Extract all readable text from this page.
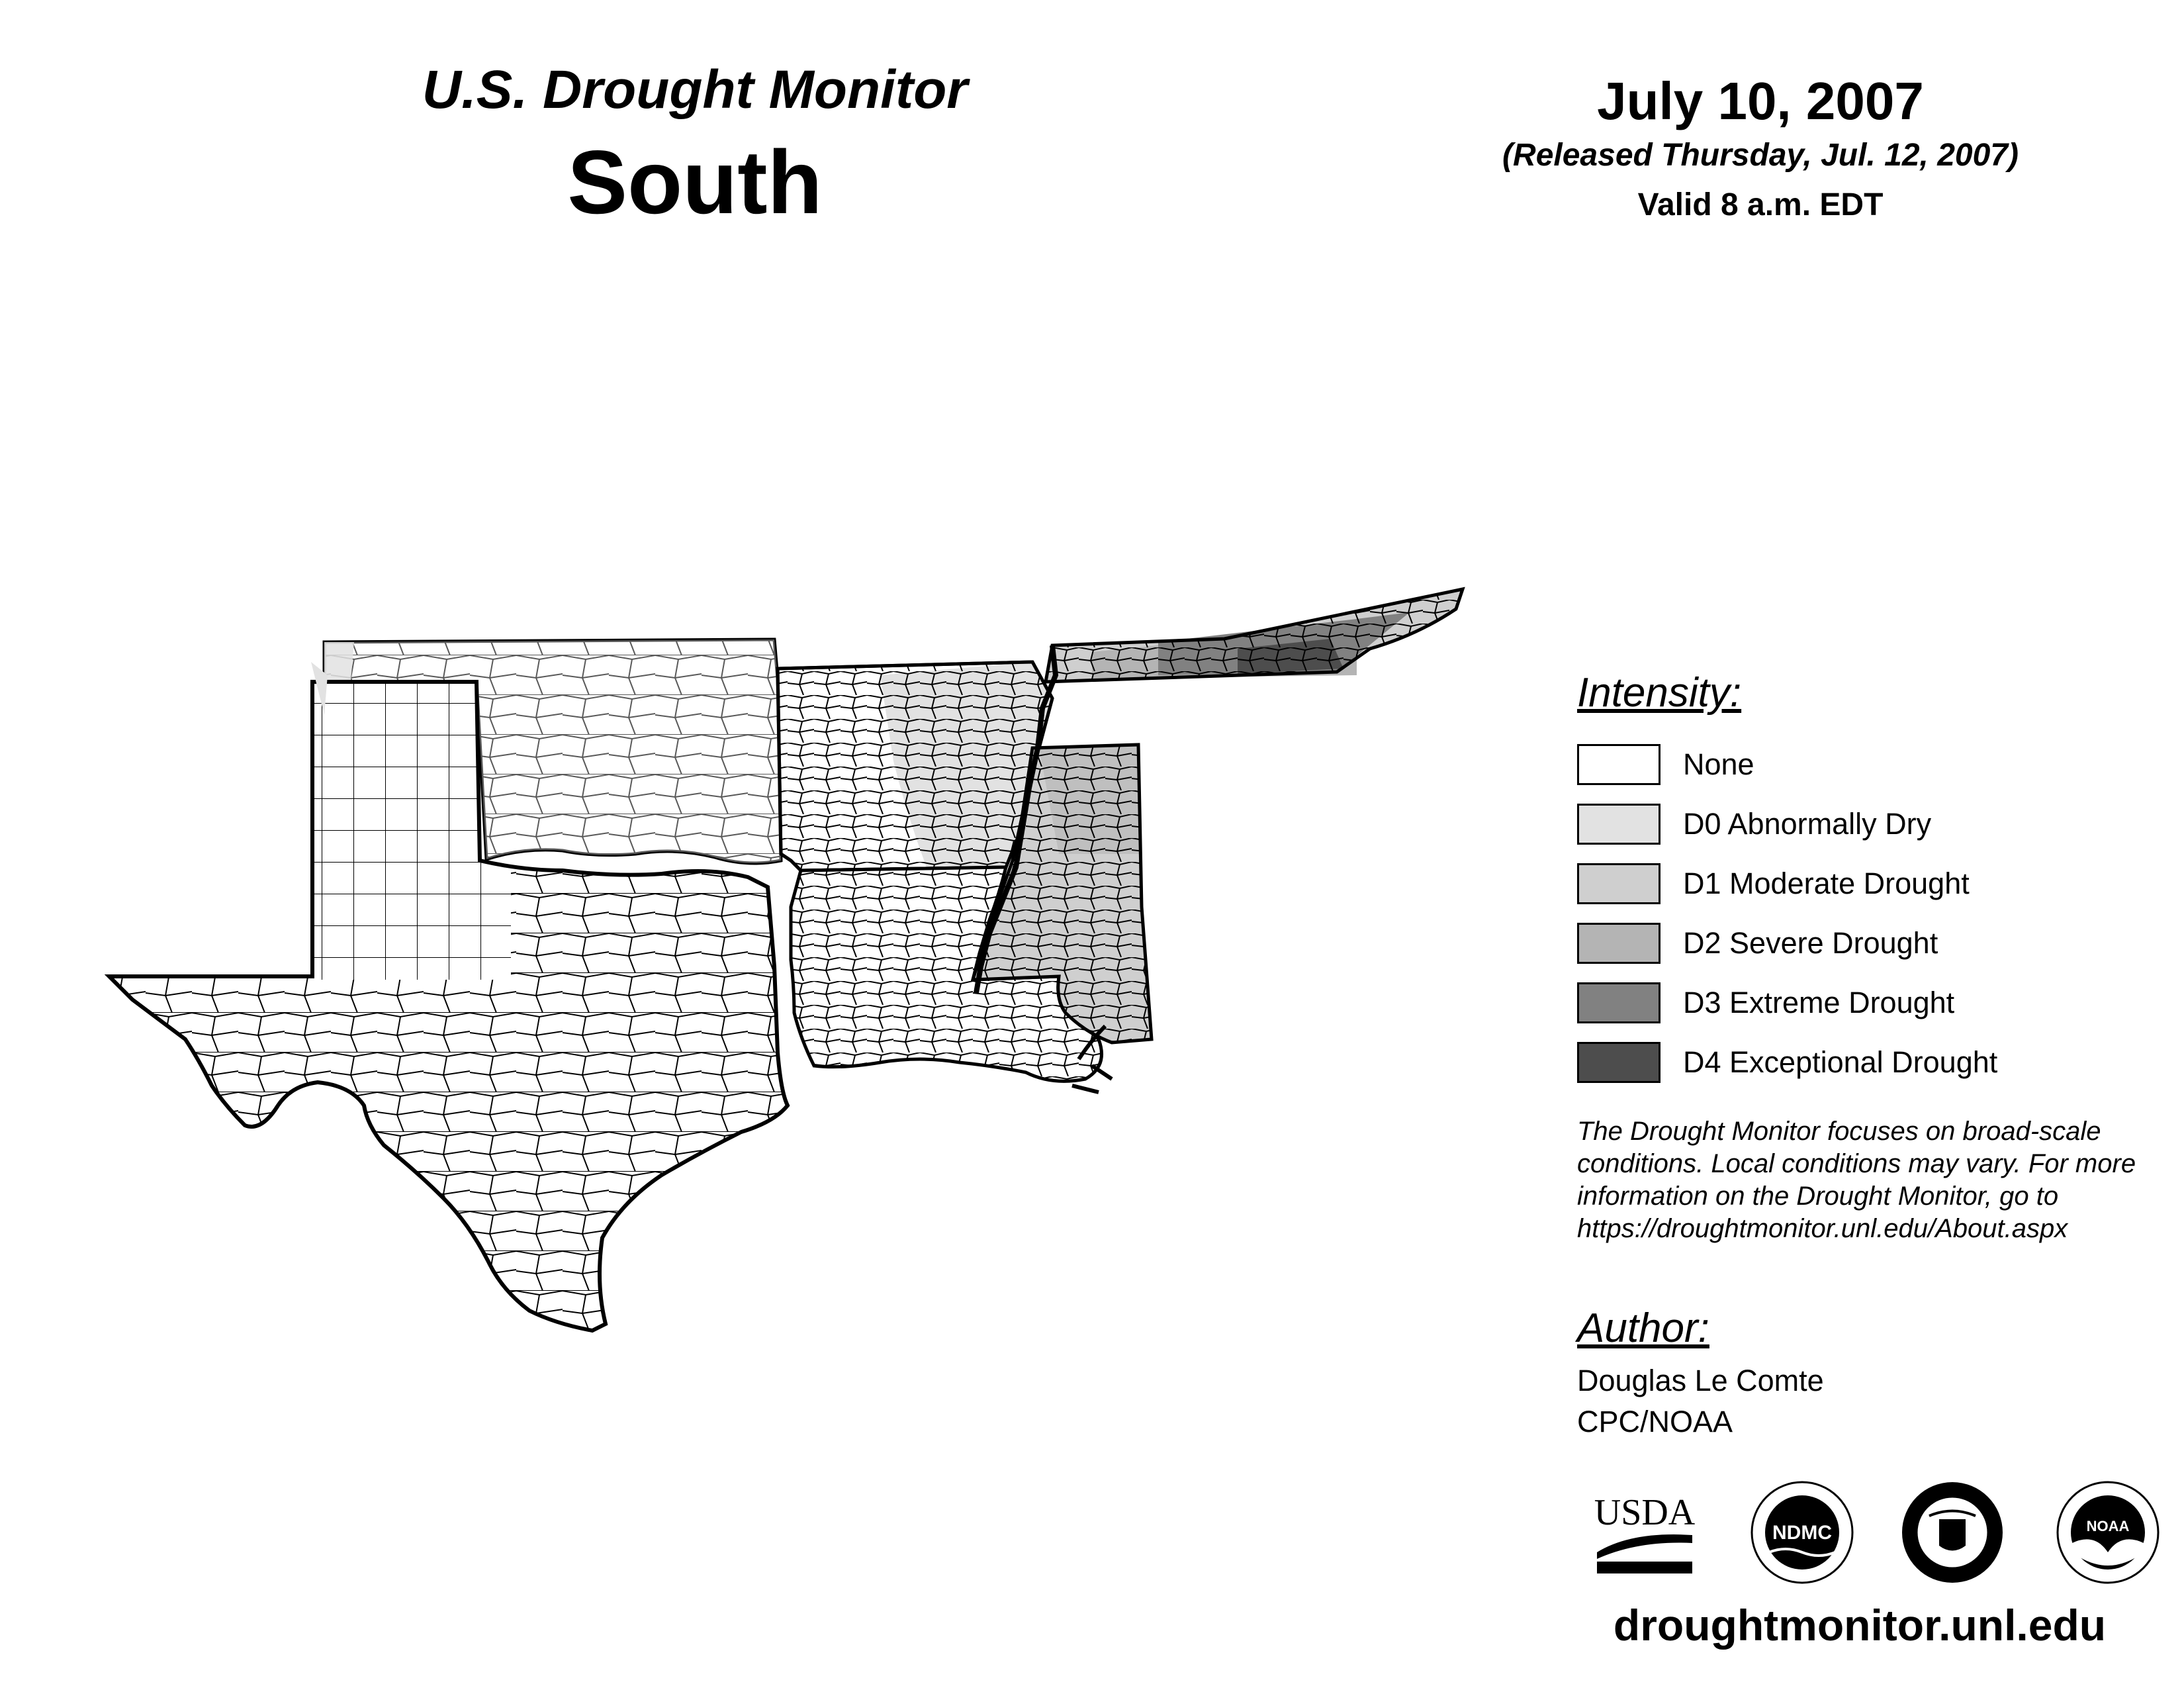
U.S. Drought Monitor
South
July 10, 2007
(Released Thursday, Jul. 12, 2007)
Valid 8 a.m. EDT
Intensity:
None
D0 Abnormally Dry
D1 Moderate Drought
D2 Severe Drought
D3 Extreme Drought
D4 Exceptional Drought
The Drought Monitor focuses on broad-scale conditions. Local conditions may vary. For more information on the Drought Monitor, go to https://droughtmonitor.unl.edu/About.aspx
Author:
Douglas Le Comte
CPC/NOAA
USDA	NDMC	NOAA
droughtmonitor.unl.edu
